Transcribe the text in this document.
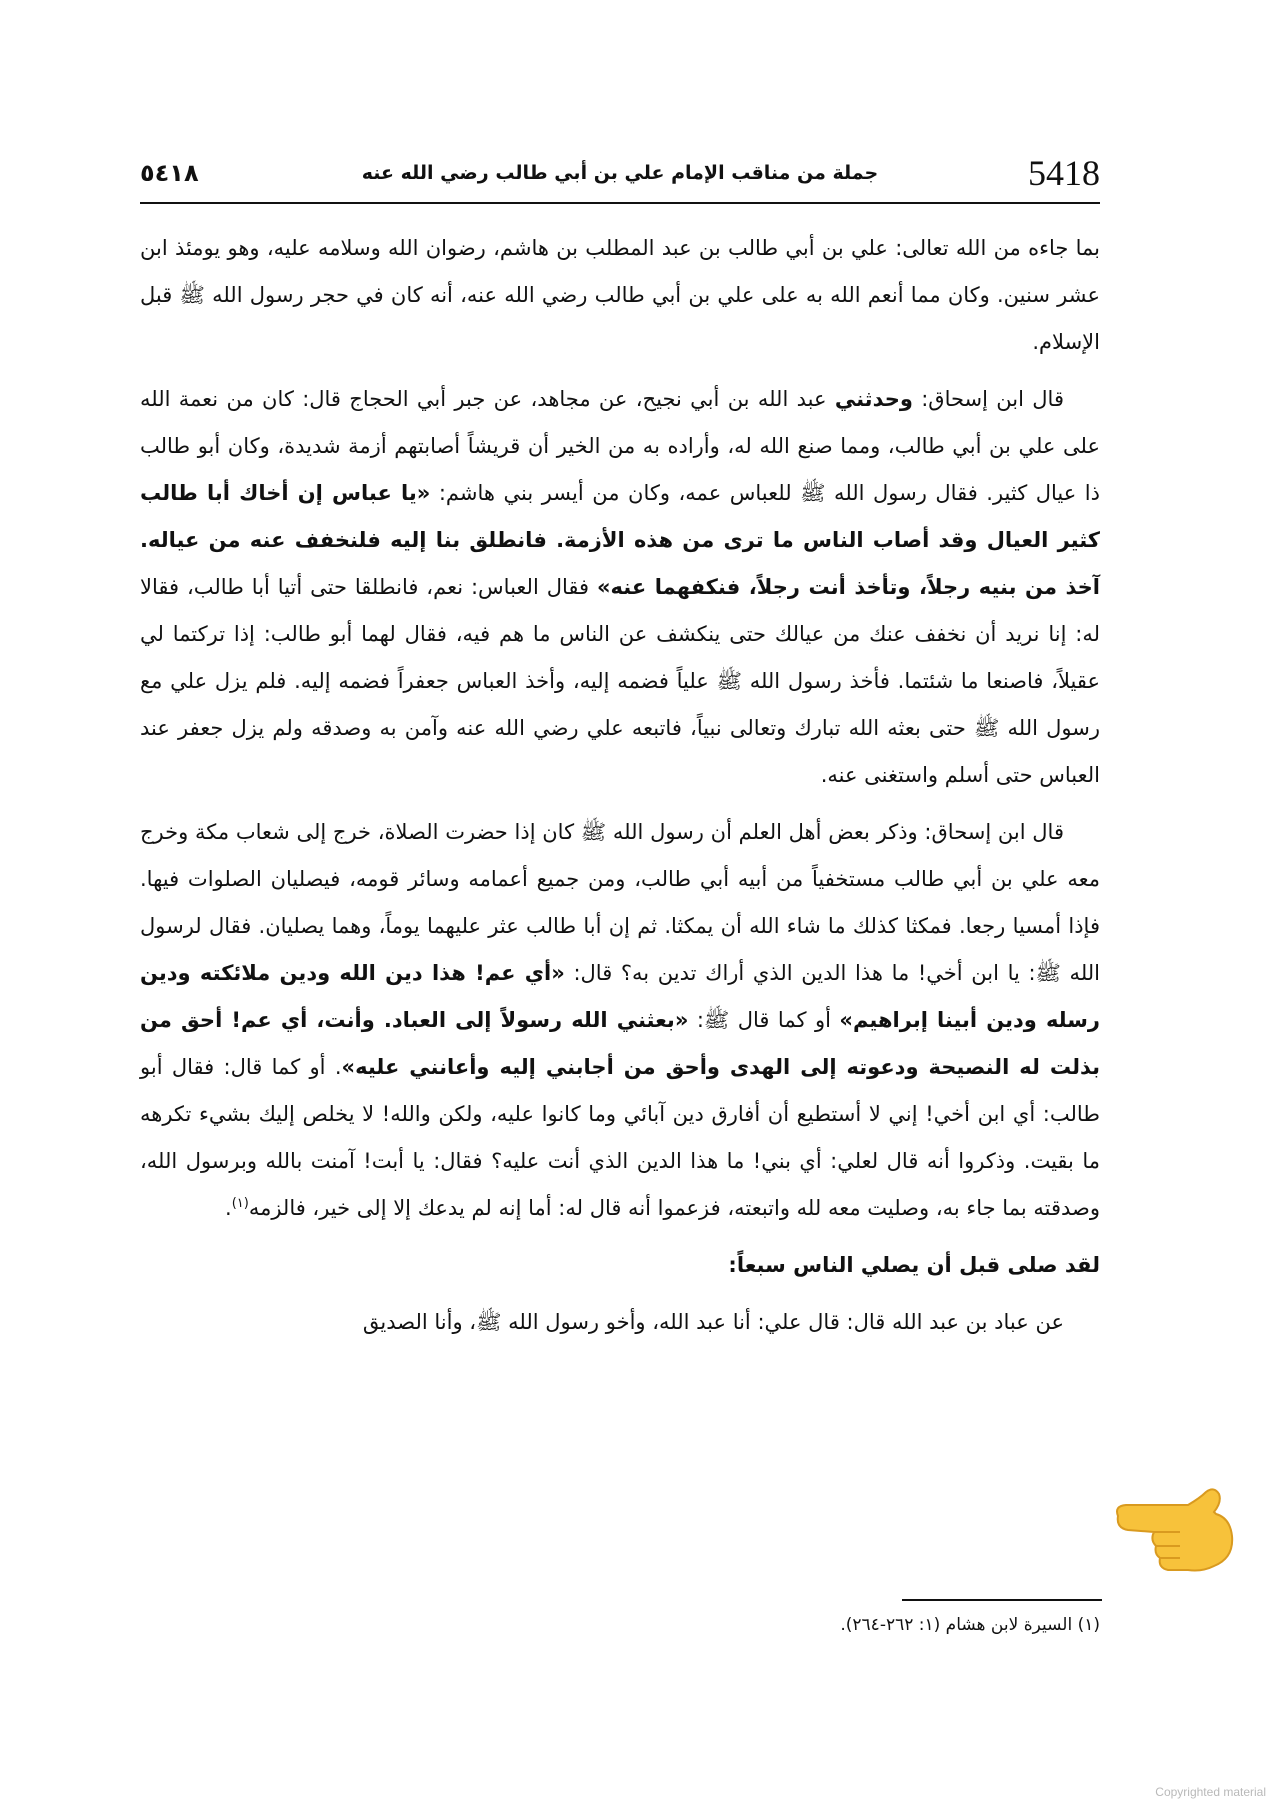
5418
جملة من مناقب الإمام علي بن أبي طالب رضي الله عنه
٥٤١٨

بما جاءه من الله تعالى: علي بن أبي طالب بن عبد المطلب بن هاشم، رضوان الله وسلامه عليه، وهو يومئذ ابن عشر سنين. وكان مما أنعم الله به على علي بن أبي طالب رضي الله عنه، أنه كان في حجر رسول الله ﷺ قبل الإسلام.

قال ابن إسحاق: وحدثني عبد الله بن أبي نجيح، عن مجاهد، عن جبر أبي الحجاج قال: كان من نعمة الله على علي بن أبي طالب، ومما صنع الله له، وأراده به من الخير أن قريشاً أصابتهم أزمة شديدة، وكان أبو طالب ذا عيال كثير. فقال رسول الله ﷺ للعباس عمه، وكان من أيسر بني هاشم: «يا عباس إن أخاك أبا طالب كثير العيال وقد أصاب الناس ما ترى من هذه الأزمة. فانطلق بنا إليه فلنخفف عنه من عياله. آخذ من بنيه رجلاً، وتأخذ أنت رجلاً، فنكفهما عنه» فقال العباس: نعم، فانطلقا حتى أتيا أبا طالب، فقالا له: إنا نريد أن نخفف عنك من عيالك حتى ينكشف عن الناس ما هم فيه، فقال لهما أبو طالب: إذا تركتما لي عقيلاً، فاصنعا ما شئتما. فأخذ رسول الله ﷺ علياً فضمه إليه، وأخذ العباس جعفراً فضمه إليه. فلم يزل علي مع رسول الله ﷺ حتى بعثه الله تبارك وتعالى نبياً، فاتبعه علي رضي الله عنه وآمن به وصدقه ولم يزل جعفر عند العباس حتى أسلم واستغنى عنه.

قال ابن إسحاق: وذكر بعض أهل العلم أن رسول الله ﷺ كان إذا حضرت الصلاة، خرج إلى شعاب مكة وخرج معه علي بن أبي طالب مستخفياً من أبيه أبي طالب، ومن جميع أعمامه وسائر قومه، فيصليان الصلوات فيها. فإذا أمسيا رجعا. فمكثا كذلك ما شاء الله أن يمكثا. ثم إن أبا طالب عثر عليهما يوماً، وهما يصليان. فقال لرسول الله ﷺ: يا ابن أخي! ما هذا الدين الذي أراك تدين به؟ قال: «أي عم! هذا دين الله ودين ملائكته ودين رسله ودين أبينا إبراهيم» أو كما قال ﷺ: «بعثني الله رسولاً إلى العباد. وأنت، أي عم! أحق من بذلت له النصيحة ودعوته إلى الهدى وأحق من أجابني إليه وأعانني عليه». أو كما قال: فقال أبو طالب: أي ابن أخي! إني لا أستطيع أن أفارق دين آبائي وما كانوا عليه، ولكن والله! لا يخلص إليك بشيء تكرهه ما بقيت. وذكروا أنه قال لعلي: أي بني! ما هذا الدين الذي أنت عليه؟ فقال: يا أبت! آمنت بالله وبرسول الله، وصدقته بما جاء به، وصليت معه لله واتبعته، فزعموا أنه قال له: أما إنه لم يدعك إلا إلى خير، فالزمه$^{(١)}$.

لقد صلى قبل أن يصلي الناس سبعاً:

عن عباد بن عبد الله قال: قال علي: أنا عبد الله، وأخو رسول الله ﷺ، وأنا الصديق

(١) السيرة لابن هشام (١: ٢٦٢-٢٦٤).
Copyrighted material
